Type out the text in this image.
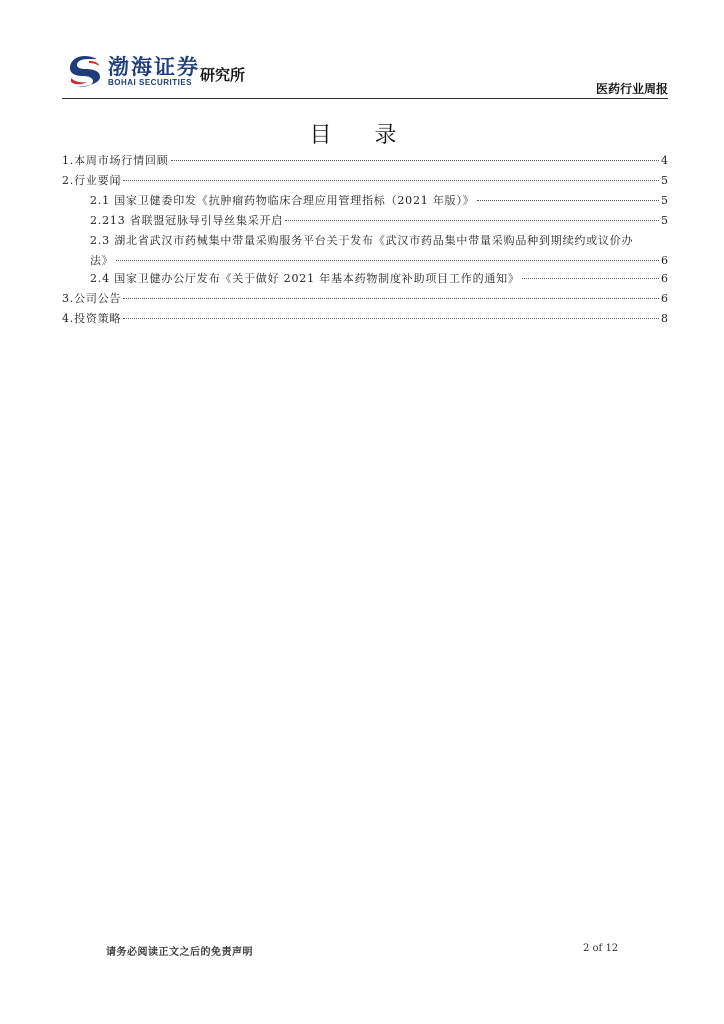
渤海证券
BOHAI SECURITIES 研究所
医药行业周报
目 录
1.本周市场行情回顾	4
2.行业要闻	5
2.1 国家卫健委印发《抗肿瘤药物临床合理应用管理指标（2021 年版）》	5
2.213 省联盟冠脉导引导丝集采开启	5
2.3 湖北省武汉市药械集中带量采购服务平台关于发布《武汉市药品集中带量采购品种到期续约或议价办
法》	6
2.4 国家卫健办公厅发布《关于做好 2021 年基本药物制度补助项目工作的通知》	6
3.公司公告	6
4.投资策略	8
请务必阅读正文之后的免责声明	2 of 12
